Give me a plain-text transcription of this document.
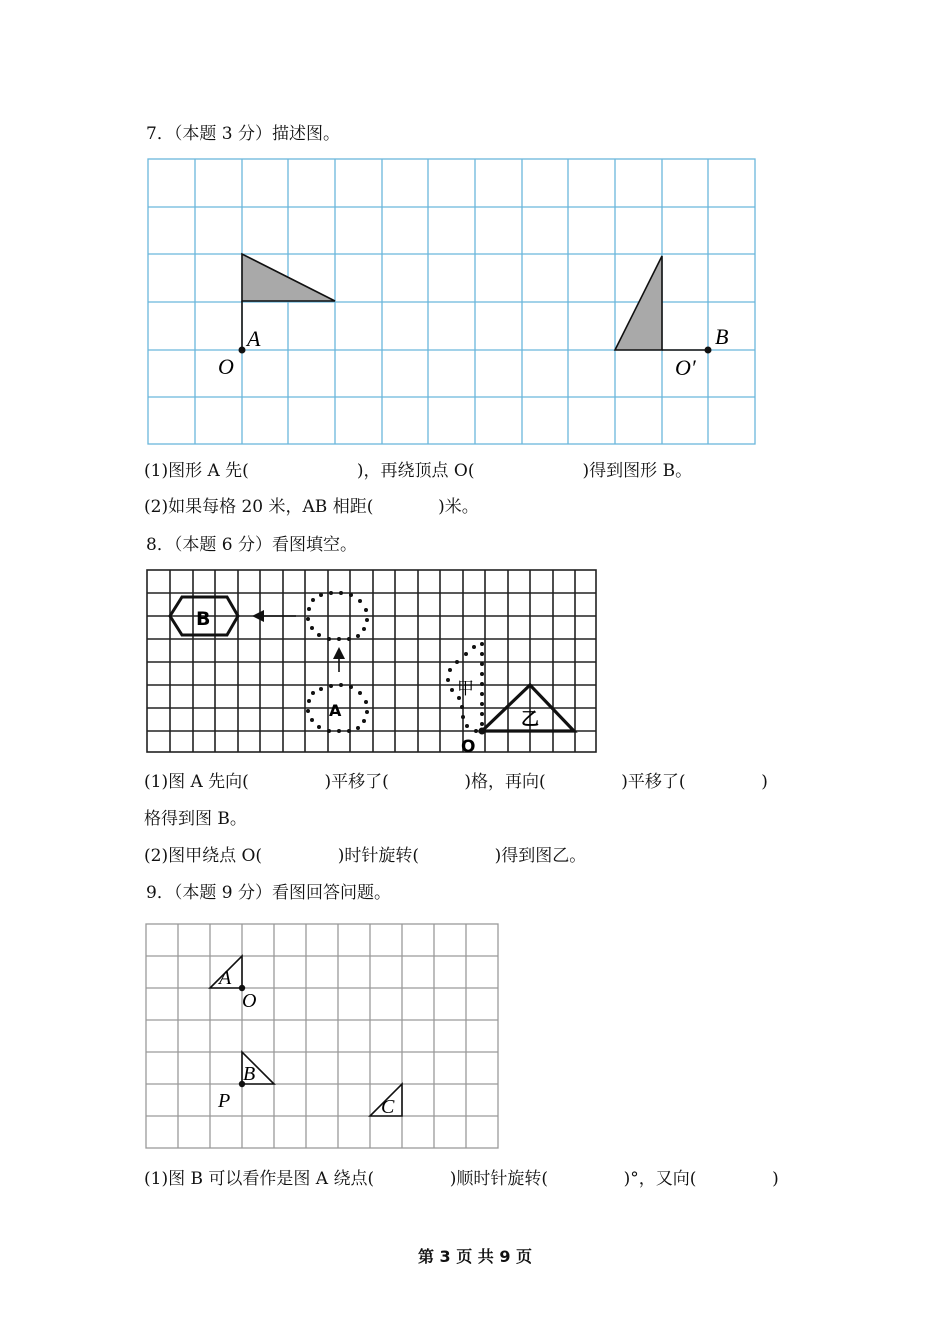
7．（本题 3 分）描述图。
A
O
B
O′
(1)图形 A 先(                    )，再绕顶点 O(                    )得到图形 B。
(2)如果每格 20 米，AB 相距(            )米。
8．（本题 6 分）看图填空。
B
A
甲
乙
O
(1)图 A 先向(              )平移了(              )格，再向(              )平移了(              )
格得到图 B。
(2)图甲绕点 O(              )时针旋转(              )得到图乙。
9．（本题 9 分）看图回答问题。
A
O
B
P	C
(1)图 B 可以看作是图 A 绕点(              )顺时针旋转(              )°，又向(              )
第 3 页 共 9 页
